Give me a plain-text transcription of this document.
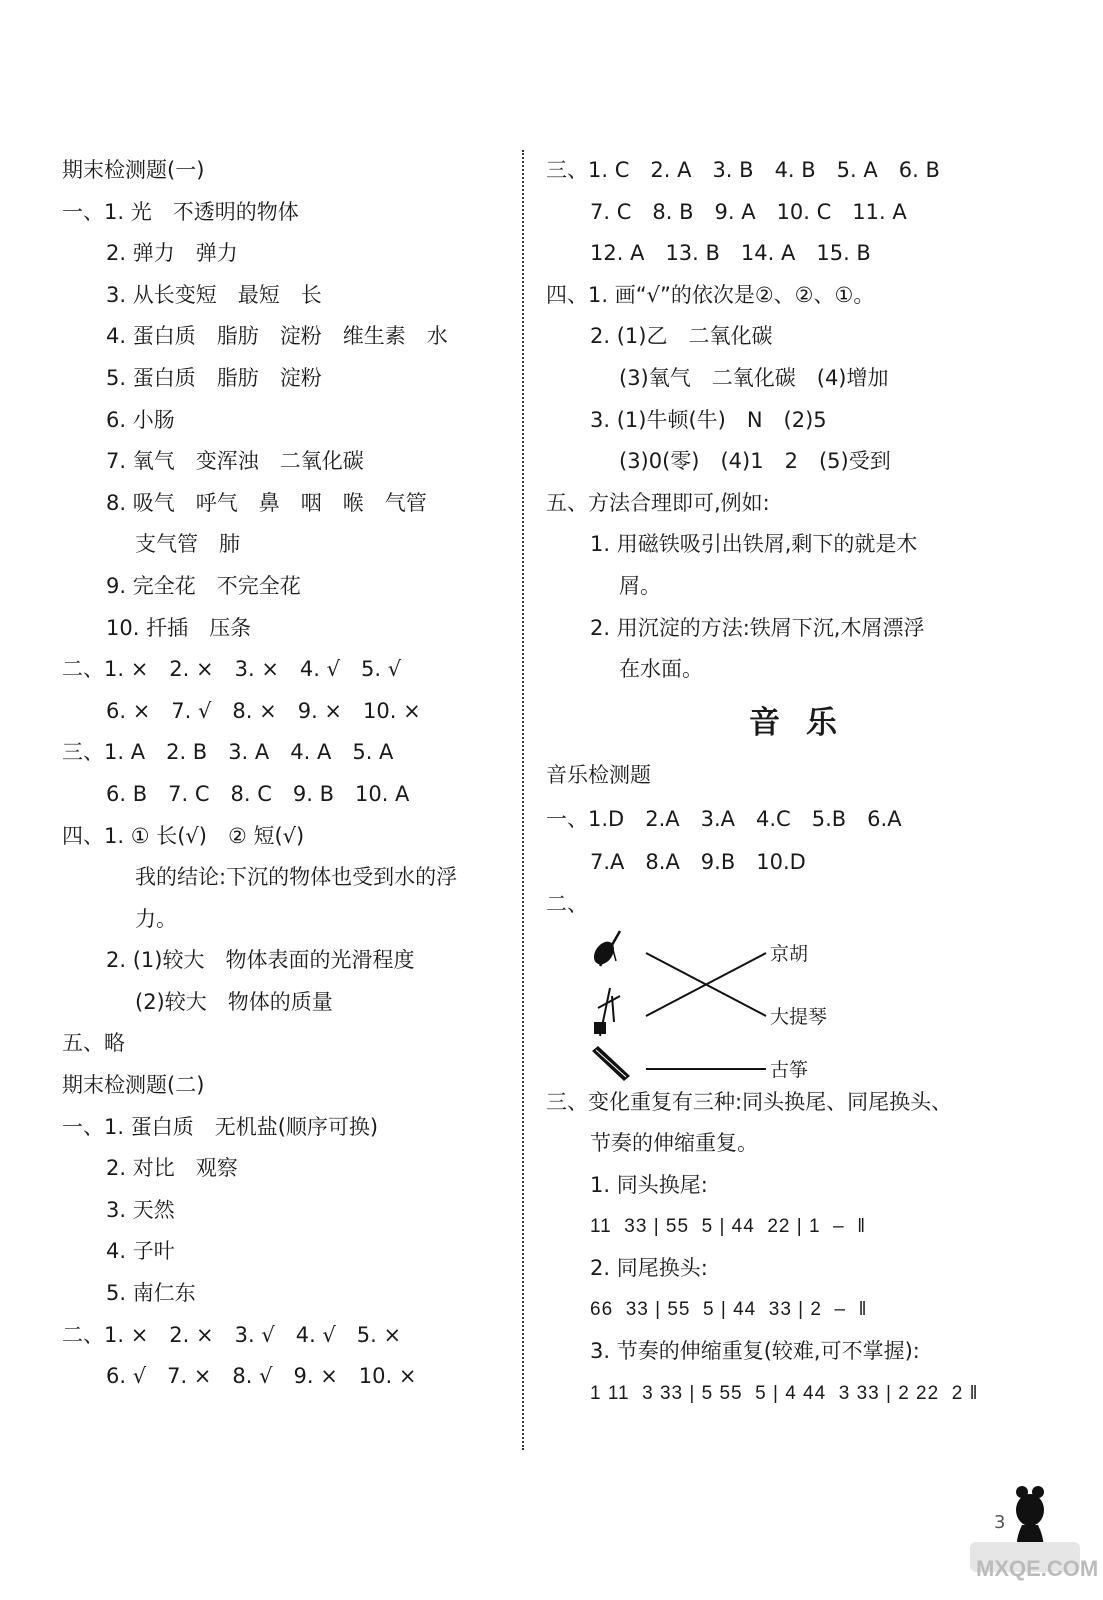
期末检测题(一)
一、1. 光　不透明的物体
2. 弹力　弹力
3. 从长变短　最短　长
4. 蛋白质　脂肪　淀粉　维生素　水
5. 蛋白质　脂肪　淀粉
6. 小肠
7. 氧气　变浑浊　二氧化碳
8. 吸气　呼气　鼻　咽　喉　气管
支气管　肺
9. 完全花　不完全花
10. 扦插　压条
二、1. ×　2. ×　3. ×　4. √　5. √
6. ×　7. √　8. ×　9. ×　10. ×
三、1. A　2. B　3. A　4. A　5. A
6. B　7. C　8. C　9. B　10. A
四、1. ① 长(√)　② 短(√)
我的结论:下沉的物体也受到水的浮
力。
2. (1)较大　物体表面的光滑程度
(2)较大　物体的质量
五、略
期末检测题(二)
一、1. 蛋白质　无机盐(顺序可换)
2. 对比　观察
3. 天然
4. 子叶
5. 南仁东
二、1. ×　2. ×　3. √　4. √　5. ×
6. √　7. ×　8. √　9. ×　10. ×
三、1. C　2. A　3. B　4. B　5. A　6. B
7. C　8. B　9. A　10. C　11. A
12. A　13. B　14. A　15. B
四、1. 画“√”的依次是②、②、①。
2. (1)乙　二氧化碳
(3)氧气　二氧化碳　(4)增加
3. (1)牛顿(牛)　N　(2)5
(3)0(零)　(4)1　2　(5)受到
五、方法合理即可,例如:
1. 用磁铁吸引出铁屑,剩下的就是木
屑。
2. 用沉淀的方法:铁屑下沉,木屑漂浮
在水面。
音乐
音乐检测题
一、1.D　2.A　3.A　4.C　5.B　6.A
7.A　8.A　9.B　10.D
二、
京胡
大提琴
古筝
三、变化重复有三种:同头换尾、同尾换头、
节奏的伸缩重复。
1. 同头换尾:
11  33 | 55  5 | 44  22 | 1  –  ‖
2. 同尾换头:
66  33 | 55  5 | 44  33 | 2  –  ‖
3. 节奏的伸缩重复(较难,可不掌握):
1 11  3 33 | 5 55  5 | 4 44  3 33 | 2 22  2 ‖
3
MXQE.COM
